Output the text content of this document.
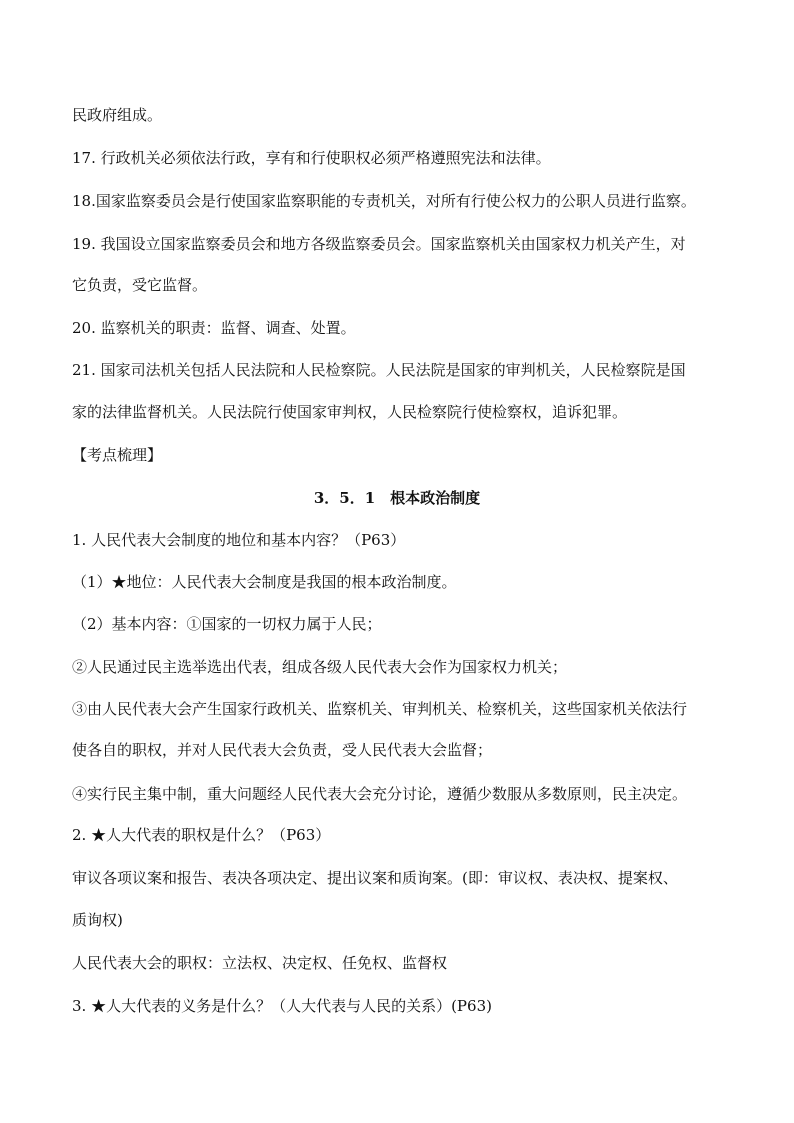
民政府组成。
17. 行政机关必须依法行政，享有和行使职权必须严格遵照宪法和法律。
18.国家监察委员会是行使国家监察职能的专责机关，对所有行使公权力的公职人员进行监察。
19. 我国设立国家监察委员会和地方各级监察委员会。国家监察机关由国家权力机关产生，对
它负责，受它监督。
20. 监察机关的职责：监督、调查、处置。
21. 国家司法机关包括人民法院和人民检察院。人民法院是国家的审判机关，人民检察院是国
家的法律监督机关。人民法院行使国家审判权，人民检察院行使检察权，追诉犯罪。
【考点梳理】
3．5．1　根本政治制度
1. 人民代表大会制度的地位和基本内容？（P63）
（1）★地位：人民代表大会制度是我国的根本政治制度。
（2）基本内容：①国家的一切权力属于人民；
②人民通过民主选举选出代表，组成各级人民代表大会作为国家权力机关；
③由人民代表大会产生国家行政机关、监察机关、审判机关、检察机关，这些国家机关依法行
使各自的职权，并对人民代表大会负责，受人民代表大会监督；
④实行民主集中制，重大问题经人民代表大会充分讨论，遵循少数服从多数原则，民主决定。
2. ★人大代表的职权是什么？（P63）
审议各项议案和报告、表决各项决定、提出议案和质询案。(即：审议权、表决权、提案权、
质询权)
人民代表大会的职权：立法权、决定权、任免权、监督权
3. ★人大代表的义务是什么？（人大代表与人民的关系）(P63)
